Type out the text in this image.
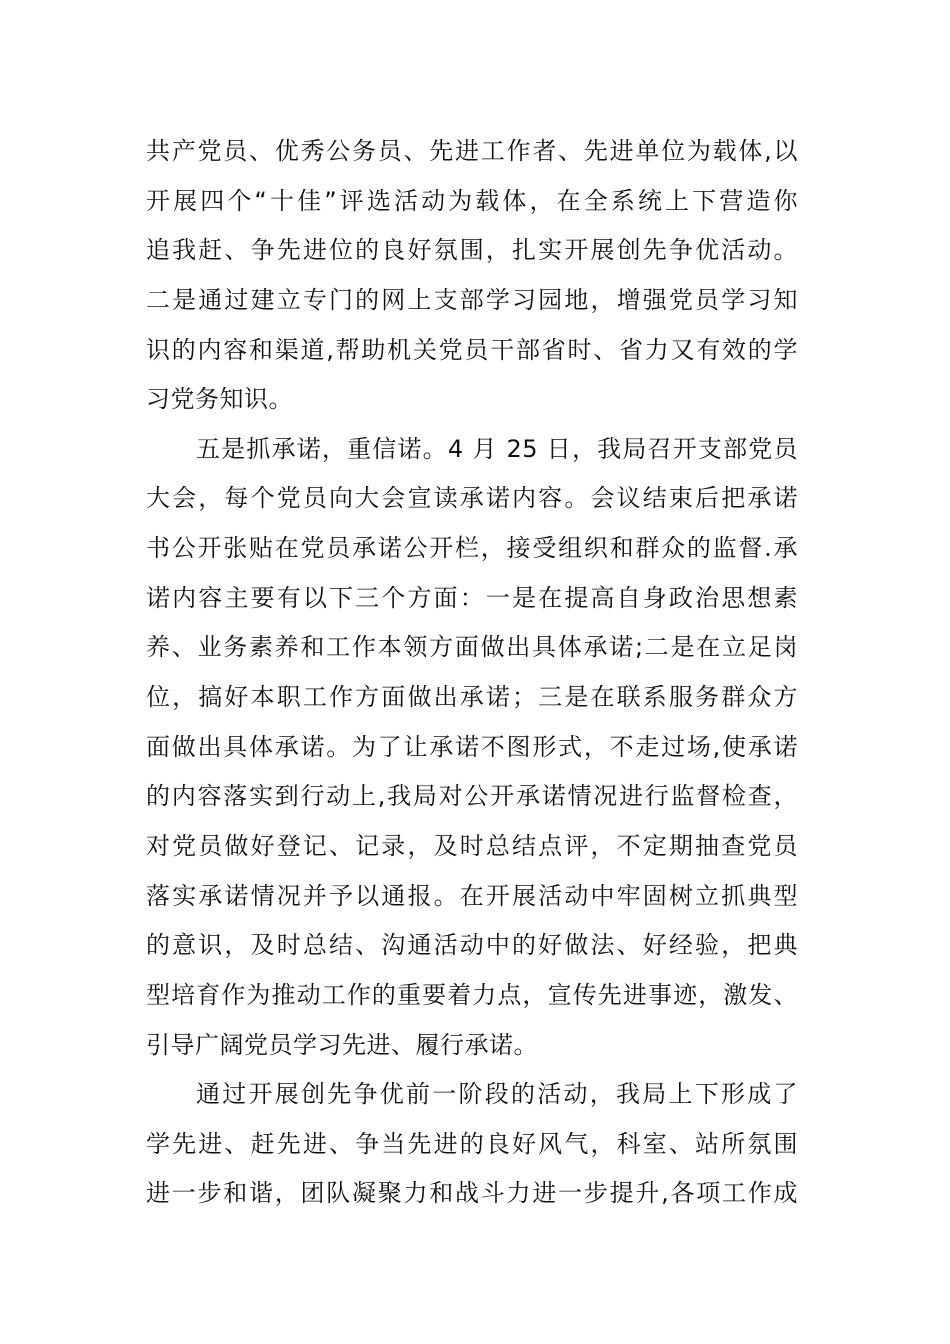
共产党员、优秀公务员、先进工作者、先进单位为载体,以
开展四个“十佳”评选活动为载体，在全系统上下营造你
追我赶、争先进位的良好氛围，扎实开展创先争优活动。
二是通过建立专门的网上支部学习园地，增强党员学习知
识的内容和渠道,帮助机关党员干部省时、省力又有效的学
习党务知识。
五是抓承诺，重信诺。4 月 25 日，我局召开支部党员
大会，每个党员向大会宣读承诺内容。会议结束后把承诺
书公开张贴在党员承诺公开栏，接受组织和群众的监督.承
诺内容主要有以下三个方面：一是在提高自身政治思想素
养、业务素养和工作本领方面做出具体承诺;二是在立足岗
位，搞好本职工作方面做出承诺；三是在联系服务群众方
面做出具体承诺。为了让承诺不图形式，不走过场,使承诺
的内容落实到行动上,我局对公开承诺情况进行监督检查，
对党员做好登记、记录，及时总结点评，不定期抽查党员
落实承诺情况并予以通报。在开展活动中牢固树立抓典型
的意识，及时总结、沟通活动中的好做法、好经验，把典
型培育作为推动工作的重要着力点，宣传先进事迹，激发、
引导广阔党员学习先进、履行承诺。
通过开展创先争优前一阶段的活动，我局上下形成了
学先进、赶先进、争当先进的良好风气，科室、站所氛围
进一步和谐，团队凝聚力和战斗力进一步提升,各项工作成
